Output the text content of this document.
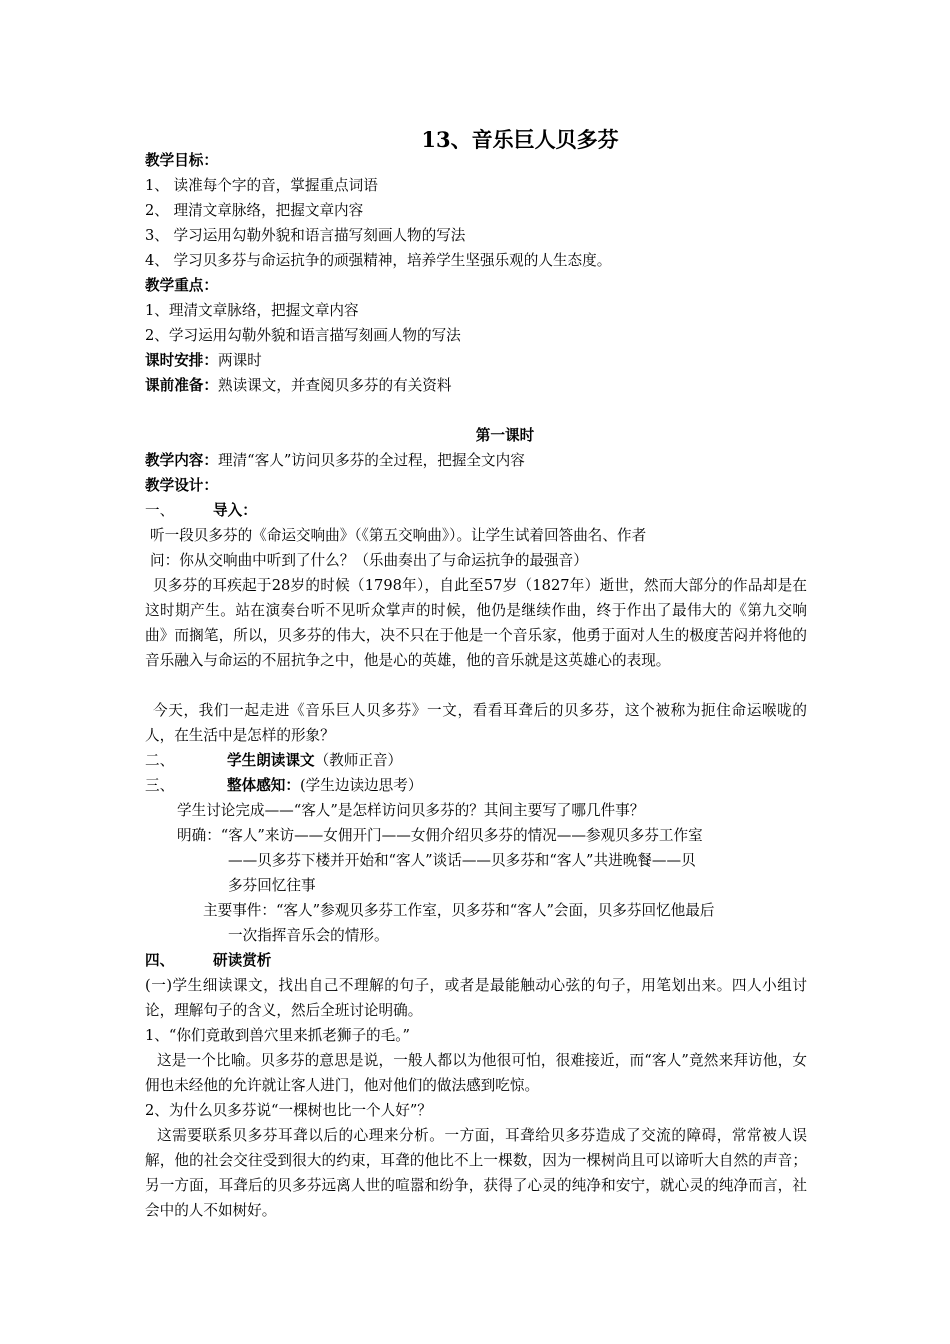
13、音乐巨人贝多芬
教学目标：
1、 读准每个字的音，掌握重点词语
2、 理清文章脉络，把握文章内容
3、 学习运用勾勒外貌和语言描写刻画人物的写法
4、 学习贝多芬与命运抗争的顽强精神，培养学生坚强乐观的人生态度。
教学重点：
1、理清文章脉络，把握文章内容
2、学习运用勾勒外貌和语言描写刻画人物的写法
课时安排：两课时
课前准备：熟读课文，并查阅贝多芬的有关资料
第一课时
教学内容：理清“客人”访问贝多芬的全过程，把握全文内容
教学设计：
一、	导入：
听一段贝多芬的《命运交响曲》（《第五交响曲》）。让学生试着回答曲名、作者
问：你从交响曲中听到了什么？（乐曲奏出了与命运抗争的最强音）
贝多芬的耳疾起于28岁的时候（1798年），自此至57岁（1827年）逝世，然而大部分的作品却是在这时期产生。站在演奏台听不见听众掌声的时候，他仍是继续作曲，终于作出了最伟大的《第九交响曲》而搁笔，所以，贝多芬的伟大，决不只在于他是一个音乐家，他勇于面对人生的极度苦闷并将他的音乐融入与命运的不屈抗争之中，他是心的英雄，他的音乐就是这英雄心的表现。
今天，我们一起走进《音乐巨人贝多芬》一文，看看耳聋后的贝多芬，这个被称为扼住命运喉咙的人，在生活中是怎样的形象？
二、	学生朗读课文（教师正音）
三、	整体感知：(学生边读边思考）
学生讨论完成——“客人”是怎样访问贝多芬的？其间主要写了哪几件事？
明确：“客人”来访——女佣开门——女佣介绍贝多芬的情况——参观贝多芬工作室
——贝多芬下楼并开始和“客人”谈话——贝多芬和“客人”共进晚餐——贝
多芬回忆往事
主要事件：“客人”参观贝多芬工作室，贝多芬和“客人”会面，贝多芬回忆他最后
一次指挥音乐会的情形。
四、	研读赏析
(一)学生细读课文，找出自己不理解的句子，或者是最能触动心弦的句子，用笔划出来。四人小组讨论，理解句子的含义，然后全班讨论明确。
1、“你们竟敢到兽穴里来抓老狮子的毛。”
这是一个比喻。贝多芬的意思是说，一般人都以为他很可怕，很难接近，而“客人”竟然来拜访他，女佣也未经他的允许就让客人进门，他对他们的做法感到吃惊。
2、为什么贝多芬说“一棵树也比一个人好”？
这需要联系贝多芬耳聋以后的心理来分析。一方面，耳聋给贝多芬造成了交流的障碍，常常被人误解，他的社会交往受到很大的约束，耳聋的他比不上一棵数，因为一棵树尚且可以谛听大自然的声音；另一方面，耳聋后的贝多芬远离人世的喧嚣和纷争，获得了心灵的纯净和安宁，就心灵的纯净而言，社会中的人不如树好。
